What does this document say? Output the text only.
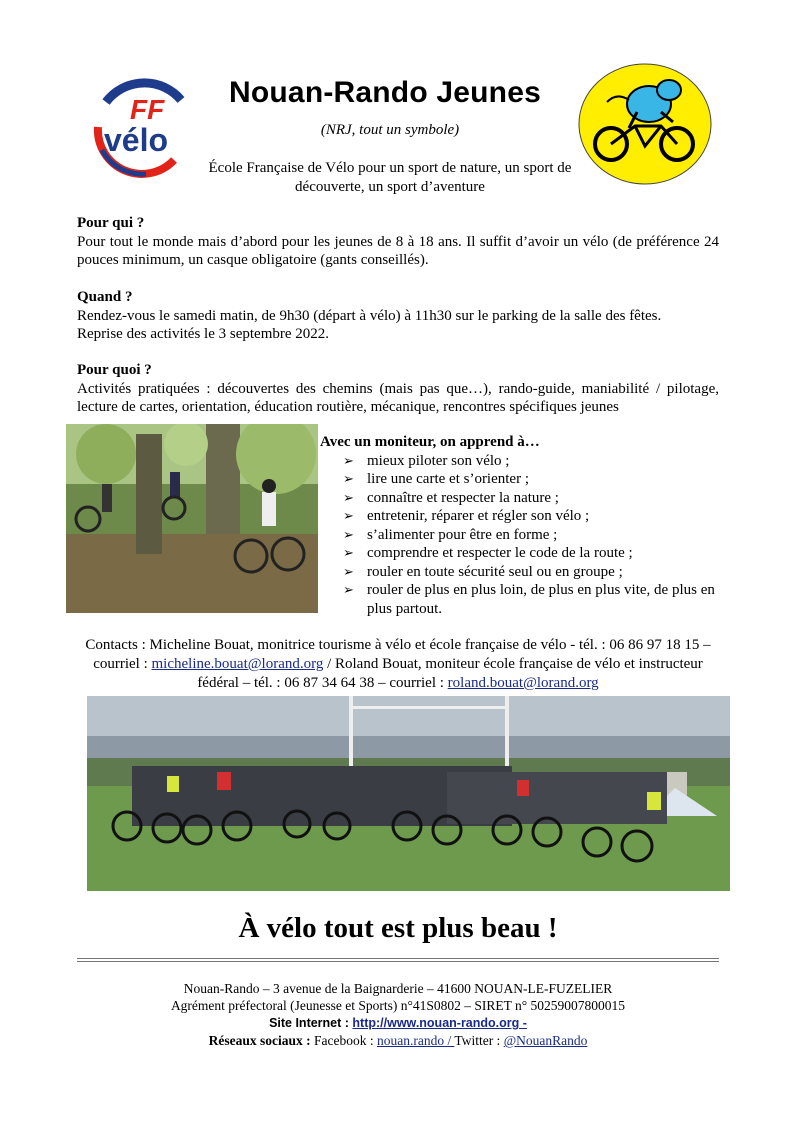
FF
vélo
Nouan-Rando Jeunes
(NRJ, tout un symbole)
École Française de Vélo pour un sport de nature, un sport de découverte, un sport d’aventure
Pour qui ?

Pour tout le monde mais d’abord pour les jeunes de 8 à 18 ans. Il suffit d’avoir un vélo (de préférence 24 pouces minimum, un casque obligatoire (gants conseillés).

Quand ?

Rendez-vous le samedi matin, de 9h30 (départ à vélo) à 11h30 sur le parking de la salle des fêtes.

Reprise des activités le 3 septembre 2022.

Pour quoi ?

Activités pratiquées : découvertes des chemins (mais pas que…), rando-guide, maniabilité / pilotage, lecture de cartes, orientation, éducation routière, mécanique, rencontres spécifiques jeunes

Avec un moniteur, on apprend à…
➢ mieux piloter son vélo ;
➢ lire une carte et s’orienter ;
➢ connaître et respecter la nature ;
➢ entretenir, réparer et régler son vélo ;
➢ s’alimenter pour être en forme ;
➢ comprendre et respecter le code de la route ;
➢ rouler en toute sécurité seul ou en groupe ;
➢ rouler de plus en plus loin, de plus en plus vite, de plus en plus partout.
Contacts : Micheline Bouat, monitrice tourisme à vélo et école française de vélo - tél. : 06 86 97 18 15 – courriel : micheline.bouat@lorand.org / Roland Bouat, moniteur école française de vélo et instructeur fédéral – tél. : 06 87 34 64 38 – courriel : roland.bouat@lorand.org
À vélo tout est plus beau !
Nouan-Rando – 3 avenue de la Baignarderie – 41600 NOUAN-LE-FUZELIER
Agrément préfectoral (Jeunesse et Sports) n°41S0802 – SIRET n° 50259007800015
Site Internet : http://www.nouan-rando.org -
Réseaux sociaux : Facebook : nouan.rando / Twitter : @NouanRando
